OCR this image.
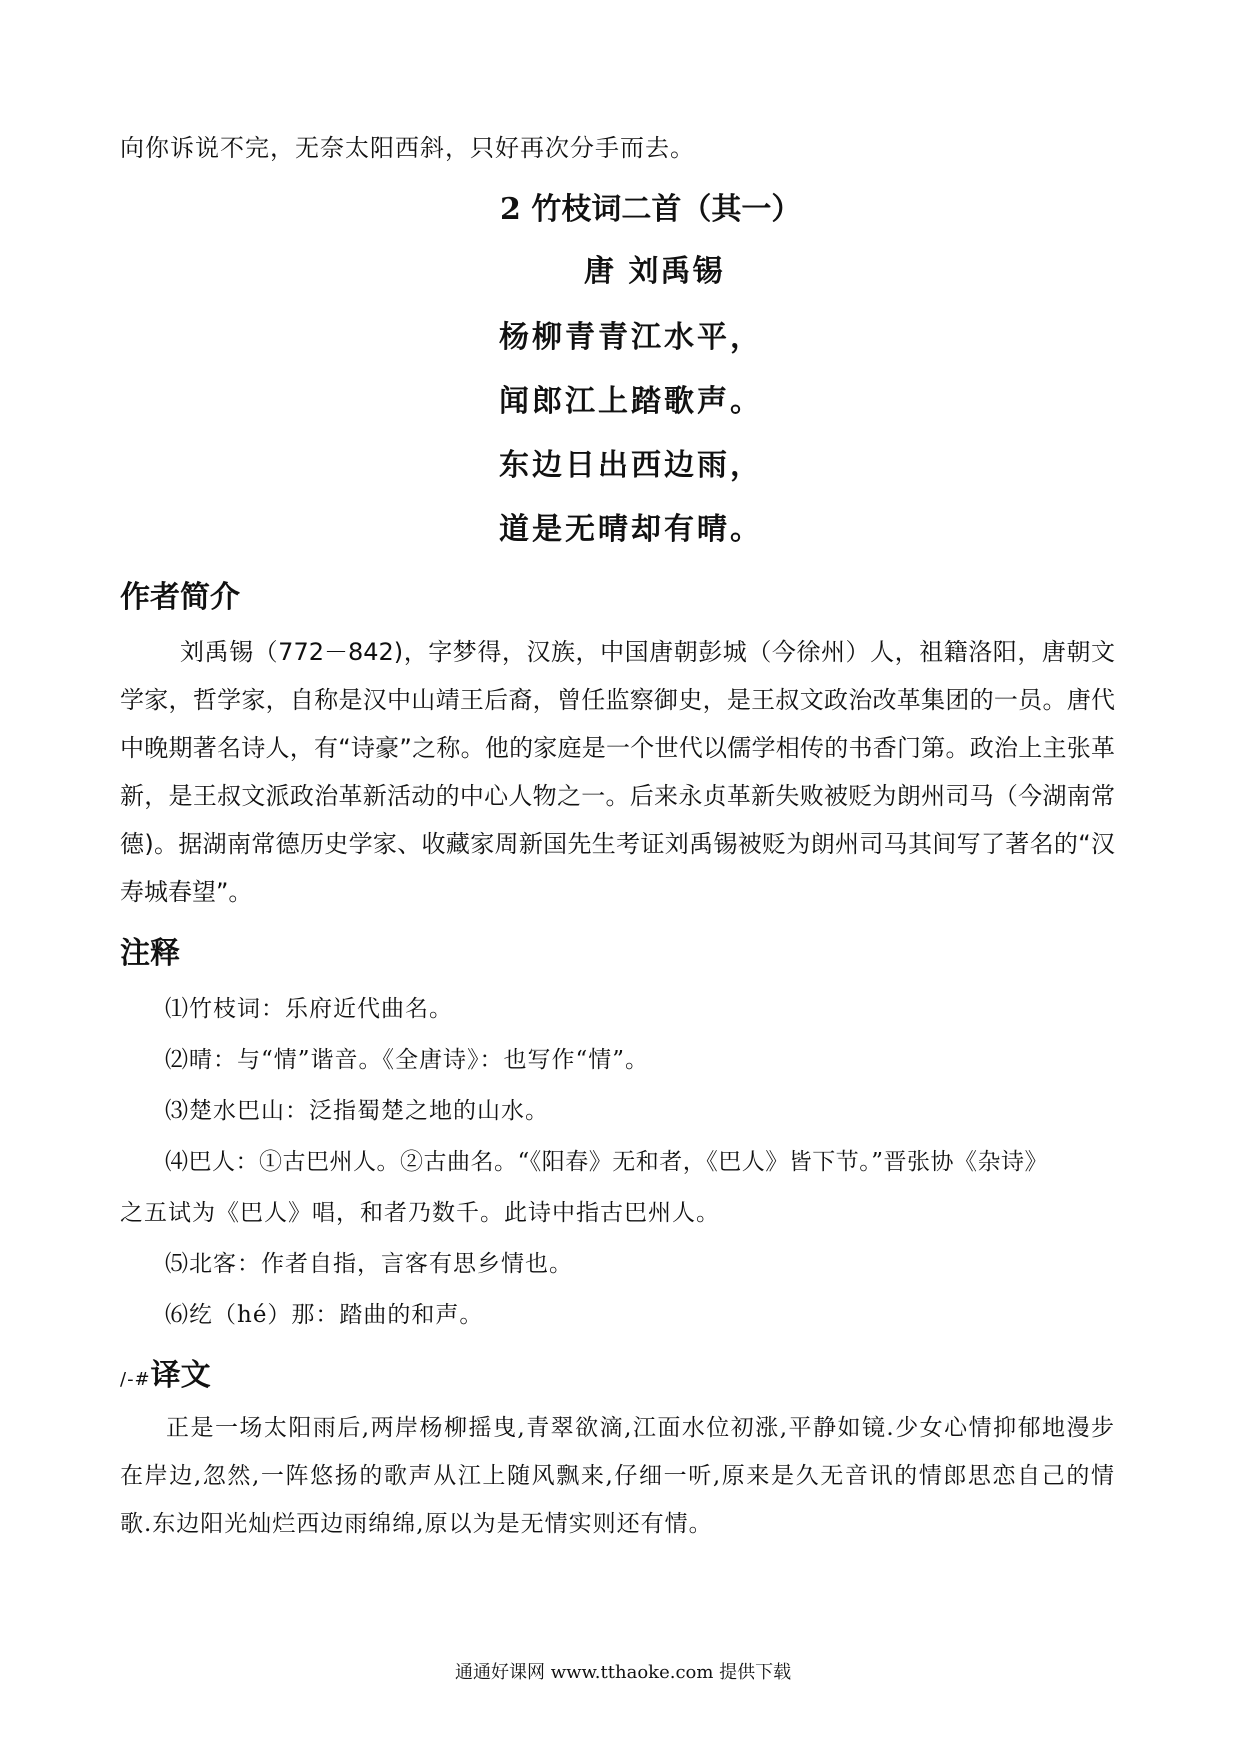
向你诉说不完，无奈太阳西斜，只好再次分手而去。
2 竹枝词二首（其一）
唐 刘禹锡
杨柳青青江水平，
闻郎江上踏歌声。
东边日出西边雨，
道是无晴却有晴。
作者简介
刘禹锡（772－842)，字梦得，汉族，中国唐朝彭城（今徐州）人，祖籍洛阳，唐朝文学家，哲学家，自称是汉中山靖王后裔，曾任监察御史，是王叔文政治改革集团的一员。唐代中晚期著名诗人，有“诗豪”之称。他的家庭是一个世代以儒学相传的书香门第。政治上主张革新，是王叔文派政治革新活动的中心人物之一。后来永贞革新失败被贬为朗州司马（今湖南常德)。据湖南常德历史学家、收藏家周新国先生考证刘禹锡被贬为朗州司马其间写了著名的“汉寿城春望”。
注释
⑴竹枝词：乐府近代曲名。
⑵晴：与“情”谐音。《全唐诗》：也写作“情”。
⑶楚水巴山：泛指蜀楚之地的山水。
⑷巴人：①古巴州人。②古曲名。“《阳春》无和者，《巴人》皆下节。”晋张协《杂诗》
之五试为《巴人》唱，和者乃数千。此诗中指古巴州人。
⑸北客：作者自指，言客有思乡情也。
⑹纥（hé）那：踏曲的和声。
/-#译文
正是一场太阳雨后,两岸杨柳摇曳,青翠欲滴,江面水位初涨,平静如镜.少女心情抑郁地漫步在岸边,忽然,一阵悠扬的歌声从江上随风飘来,仔细一听,原来是久无音讯的情郎思恋自己的情歌.东边阳光灿烂西边雨绵绵,原以为是无情实则还有情。
通通好课网 www.tthaoke.com 提供下载
